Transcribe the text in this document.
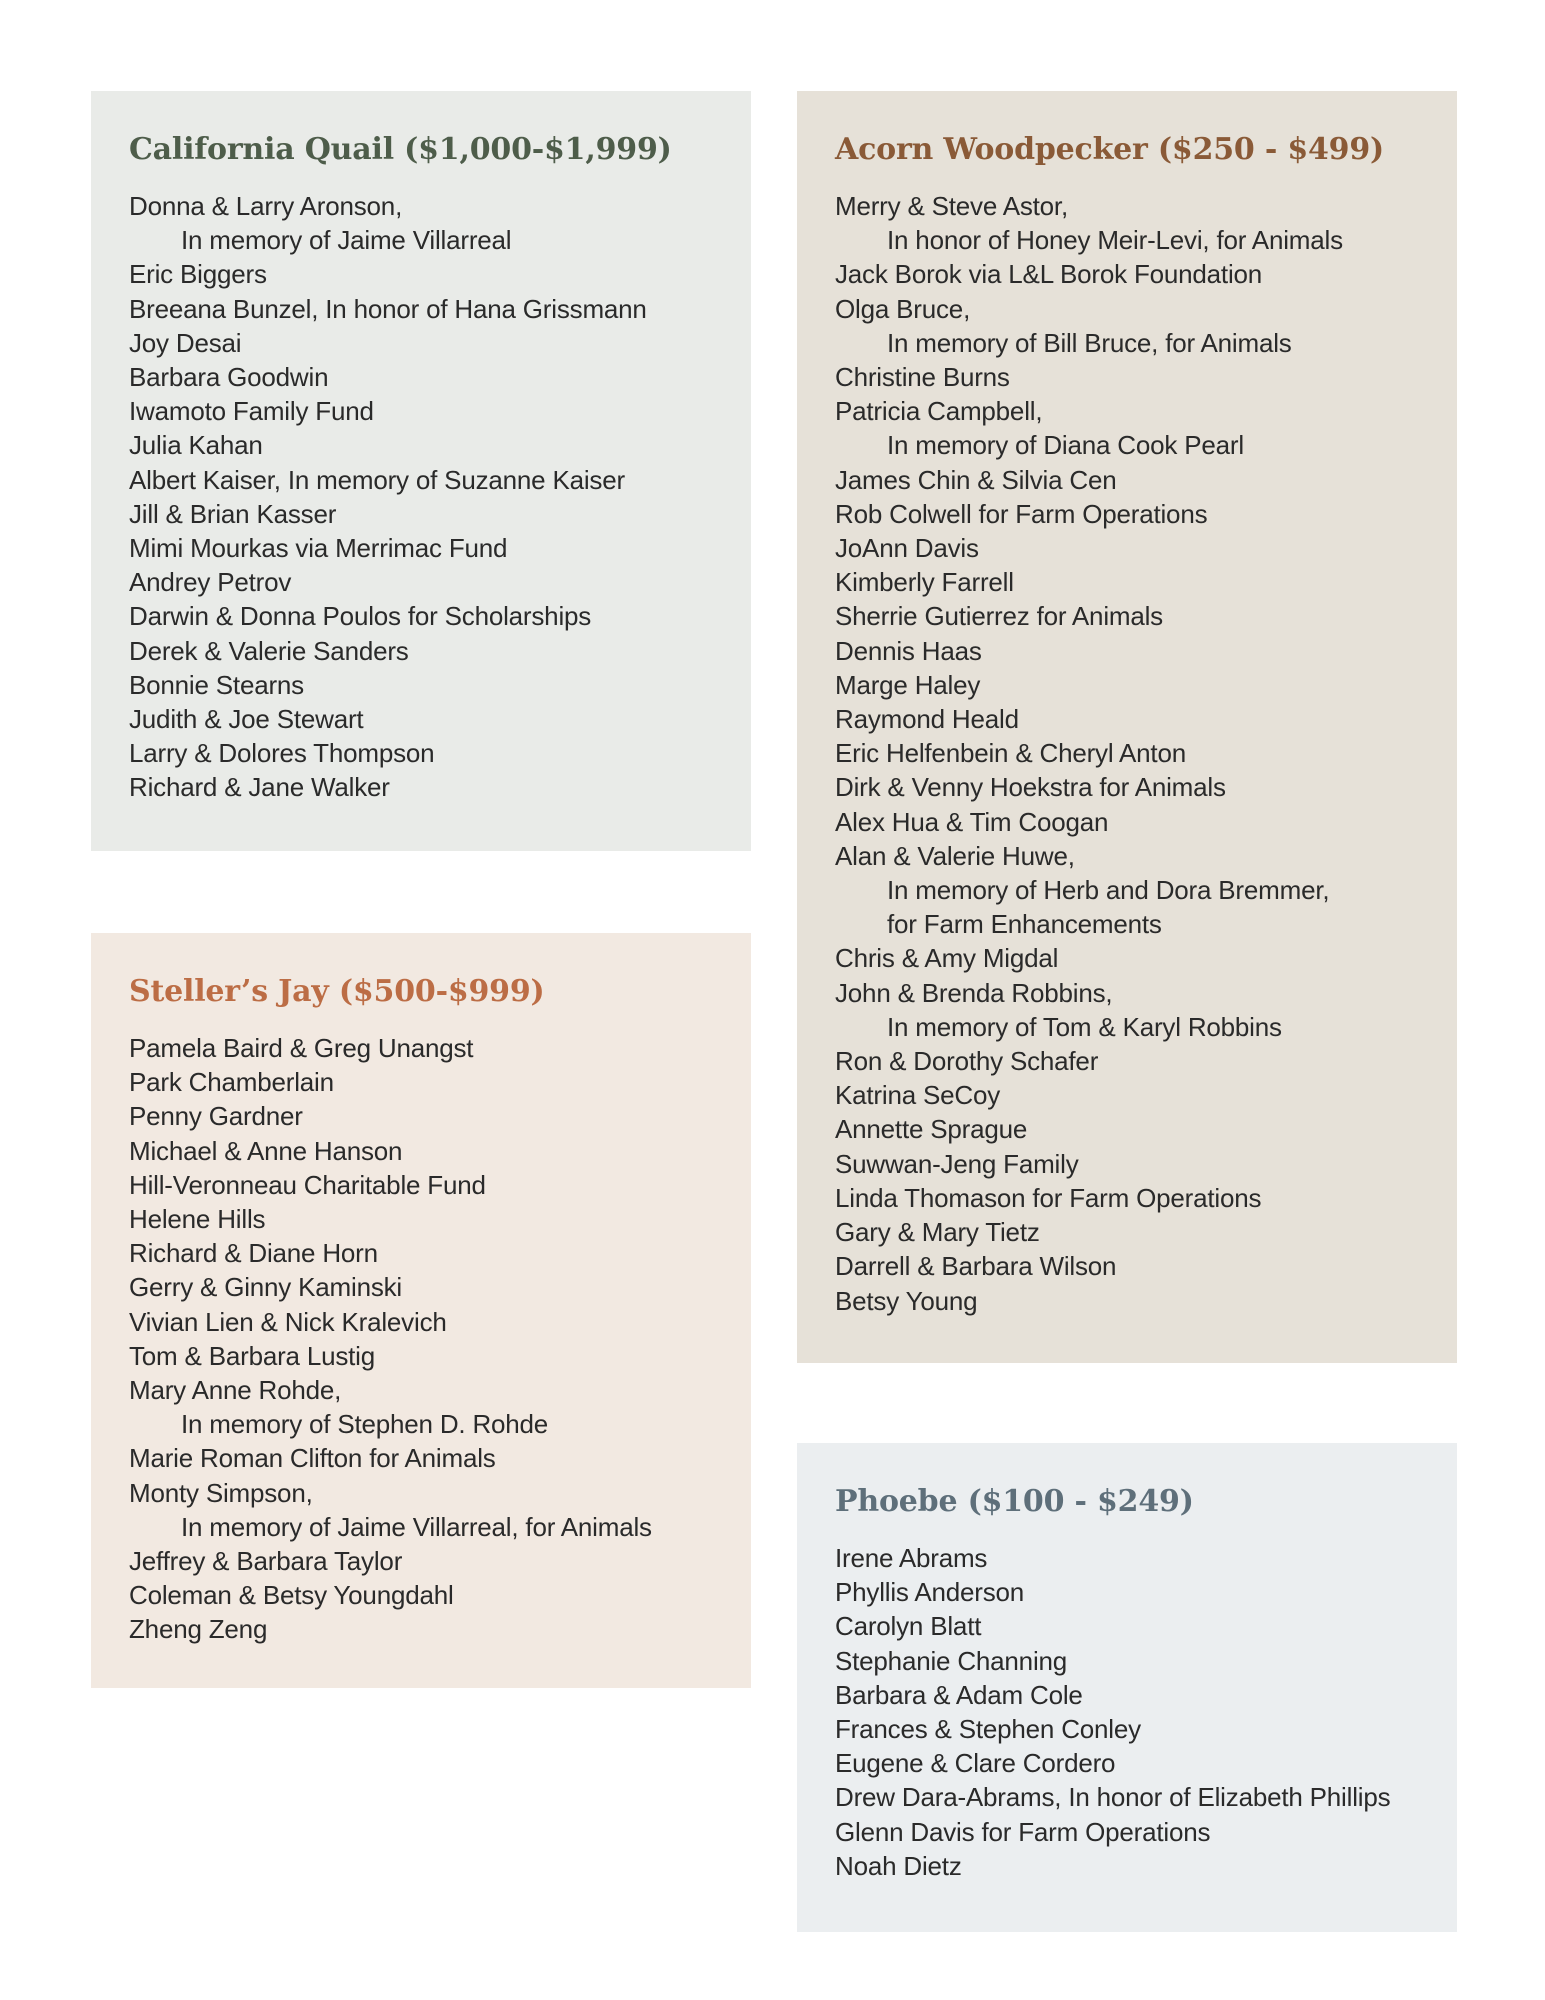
California Quail ($1,000-$1,999)
Donna & Larry Aronson,
In memory of Jaime Villarreal
Eric Biggers
Breeana Bunzel, In honor of Hana Grissmann
Joy Desai
Barbara Goodwin
Iwamoto Family Fund
Julia Kahan
Albert Kaiser, In memory of Suzanne Kaiser
Jill & Brian Kasser
Mimi Mourkas via Merrimac Fund
Andrey Petrov
Darwin & Donna Poulos for Scholarships
Derek & Valerie Sanders
Bonnie Stearns
Judith & Joe Stewart
Larry & Dolores Thompson
Richard & Jane Walker
Steller’s Jay ($500-$999)
Pamela Baird & Greg Unangst
Park Chamberlain
Penny Gardner
Michael & Anne Hanson
Hill-Veronneau Charitable Fund
Helene Hills
Richard & Diane Horn
Gerry & Ginny Kaminski
Vivian Lien & Nick Kralevich
Tom & Barbara Lustig
Mary Anne Rohde,
In memory of Stephen D. Rohde
Marie Roman Clifton for Animals
Monty Simpson,
In memory of Jaime Villarreal, for Animals
Jeffrey & Barbara Taylor
Coleman & Betsy Youngdahl
Zheng Zeng
Acorn Woodpecker ($250 - $499)
Merry & Steve Astor,
In honor of Honey Meir-Levi, for Animals
Jack Borok via L&L Borok Foundation
Olga Bruce,
In memory of Bill Bruce, for Animals
Christine Burns
Patricia Campbell,
In memory of Diana Cook Pearl
James Chin & Silvia Cen
Rob Colwell for Farm Operations
JoAnn Davis
Kimberly Farrell
Sherrie Gutierrez for Animals
Dennis Haas
Marge Haley
Raymond Heald
Eric Helfenbein & Cheryl Anton
Dirk & Venny Hoekstra for Animals
Alex Hua & Tim Coogan
Alan & Valerie Huwe,
In memory of Herb and Dora Bremmer,
for Farm Enhancements
Chris & Amy Migdal
John & Brenda Robbins,
In memory of Tom & Karyl Robbins
Ron & Dorothy Schafer
Katrina SeCoy
Annette Sprague
Suwwan-Jeng Family
Linda Thomason for Farm Operations
Gary & Mary Tietz
Darrell & Barbara Wilson
Betsy Young
Phoebe ($100 - $249)
Irene Abrams
Phyllis Anderson
Carolyn Blatt
Stephanie Channing
Barbara & Adam Cole
Frances & Stephen Conley
Eugene & Clare Cordero
Drew Dara-Abrams, In honor of Elizabeth Phillips
Glenn Davis for Farm Operations
Noah Dietz
